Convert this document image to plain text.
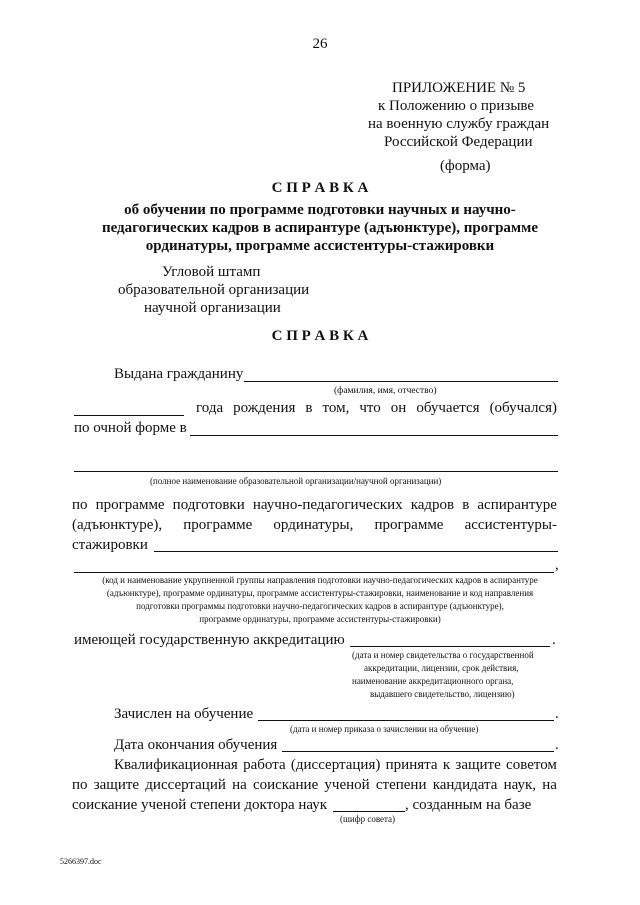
26
ПРИЛОЖЕНИЕ № 5
к Положению о призыве
на военную службу граждан
Российской Федерации
(форма)
С П Р А В К А
об обучении по программе подготовки научных и научно-
педагогических кадров в аспирантуре (адъюнктуре), программе
ординатуры, программе ассистентуры-стажировки
Угловой штамп
образовательной организации
научной организации
С П Р А В К А
Выдана гражданину
(фамилия, имя, отчество)
года рождения в том, что он обучается (обучался)
по очной форме в
(полное наименование образовательной организации/научной организации)
по программе подготовки научно-педагогических кадров в аспирантуре
(адъюнктуре), программе ординатуры, программе ассистентуры-
стажировки
,
(код и наименование укрупненной группы направления подготовки научно-педагогических кадров в аспирантуре
(адъюнктуре), программе ординатуры, программе ассистентуры-стажировки, наименование и код направления
подготовки программы подготовки научно-педагогических кадров в аспирантуре (адъюнктуре),
программе ординатуры, программе ассистентуры-стажировки)
имеющей государственную аккредитацию	.
(дата и номер свидетельства о государственной
аккредитации, лицензии, срок действия,
наименование аккредитационного органа,
выдавшего свидетельство, лицензию)
Зачислен на обучение	.
(дата и номер приказа о зачислении на обучение)
Дата окончания обучения	.
Квалификационная работа (диссертация) принята к защите советом
по защите диссертаций на соискание ученой степени кандидата наук, на
соискание ученой степени доктора наук	, созданным на базе
(шифр совета)
5266397.doc
